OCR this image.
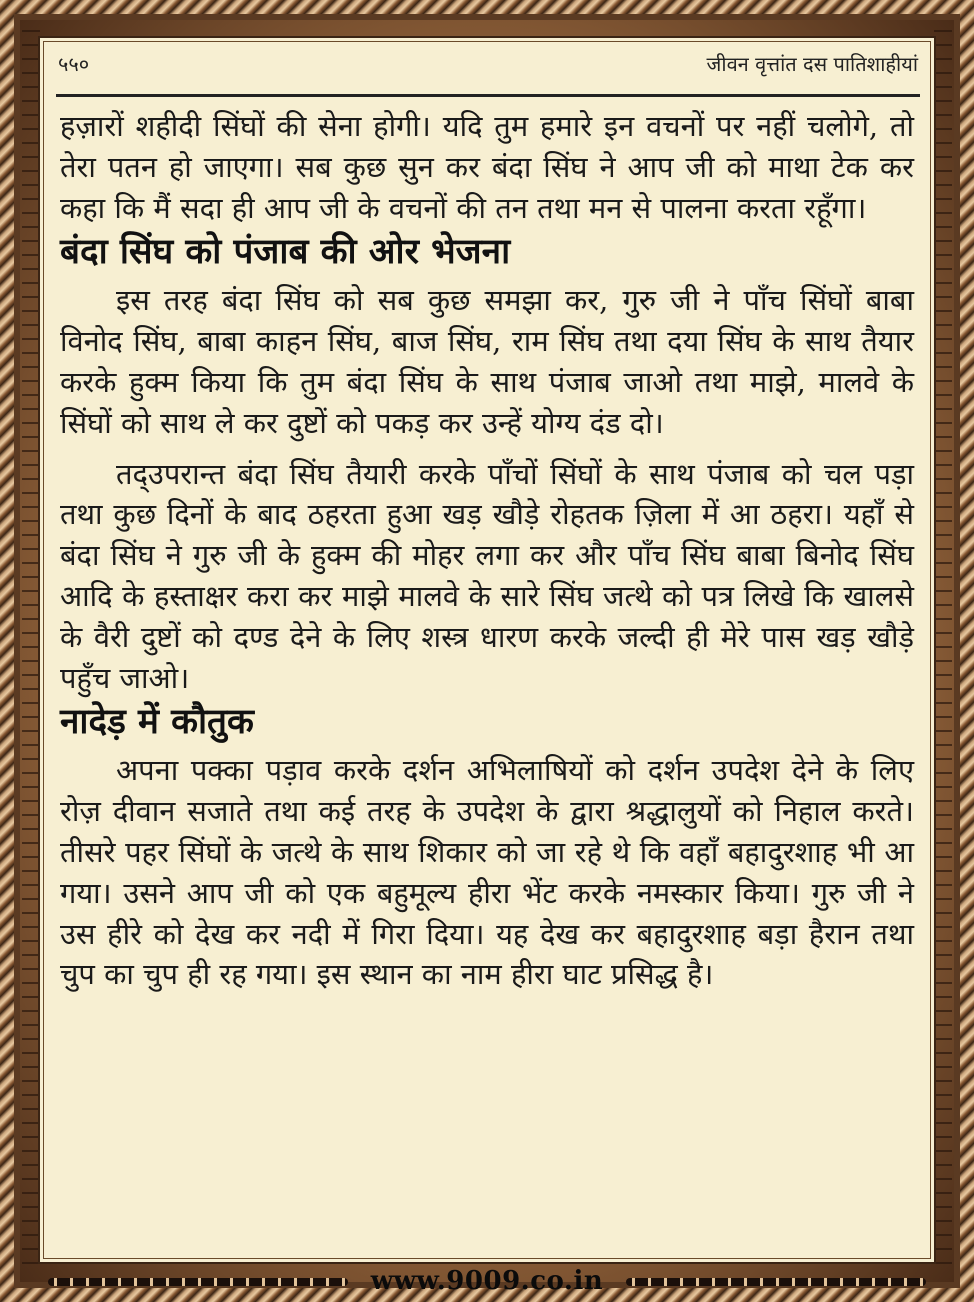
५५०	जीवन वृत्तांत दस पातिशाहीयां

हज़ारों शहीदी सिंघों की सेना होगी। यदि तुम हमारे इन वचनों पर नहीं चलोगे, तो तेरा पतन हो जाएगा। सब कुछ सुन कर बंदा सिंघ ने आप जी को माथा टेक कर कहा कि मैं सदा ही आप जी के वचनों की तन तथा मन से पालना करता रहूँगा।

बंदा सिंघ को पंजाब की ओर भेजना

इस तरह बंदा सिंघ को सब कुछ समझा कर, गुरु जी ने पाँच सिंघों बाबा विनोद सिंघ, बाबा काहन सिंघ, बाज सिंघ, राम सिंघ तथा दया सिंघ के साथ तैयार करके हुक्म किया कि तुम बंदा सिंघ के साथ पंजाब जाओ तथा माझे, मालवे के सिंघों को साथ ले कर दुष्टों को पकड़ कर उन्हें योग्य दंड दो।

तद्उपरान्त बंदा सिंघ तैयारी करके पाँचों सिंघों के साथ पंजाब को चल पड़ा तथा कुछ दिनों के बाद ठहरता हुआ खड़ खौड़े रोहतक ज़िला में आ ठहरा। यहाँ से बंदा सिंघ ने गुरु जी के हुक्म की मोहर लगा कर और पाँच सिंघ बाबा बिनोद सिंघ आदि के हस्ताक्षर करा कर माझे मालवे के सारे सिंघ जत्थे को पत्र लिखे कि खालसे के वैरी दुष्टों को दण्ड देने के लिए शस्त्र धारण करके जल्दी ही मेरे पास खड़ खौड़े पहुँच जाओ।

नादेड़ में कौतुक

अपना पक्का पड़ाव करके दर्शन अभिलाषियों को दर्शन उपदेश देने के लिए रोज़ दीवान सजाते तथा कई तरह के उपदेश के द्वारा श्रद्धालुयों को निहाल करते। तीसरे पहर सिंघों के जत्थे के साथ शिकार को जा रहे थे कि वहाँ बहादुरशाह भी आ गया। उसने आप जी को एक बहुमूल्य हीरा भेंट करके नमस्कार किया। गुरु जी ने उस हीरे को देख कर नदी में गिरा दिया। यह देख कर बहादुरशाह बड़ा हैरान तथा चुप का चुप ही रह गया। इस स्थान का नाम हीरा घाट प्रसिद्ध है।

www.9009.co.in
